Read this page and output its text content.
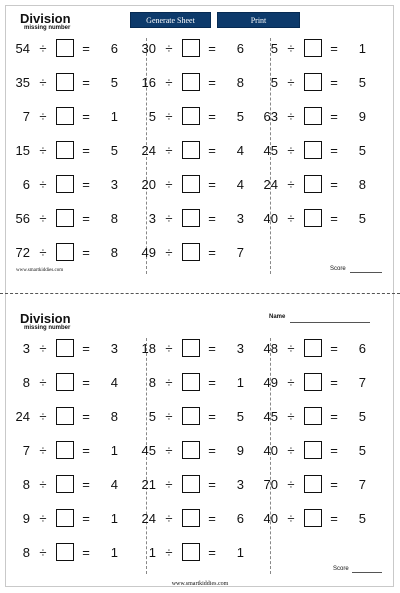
Division
missing number
Generate Sheet	Print
54 ÷	=	6
35 ÷	=	5
7 ÷	=	1
15 ÷	=	5
6 ÷	=	3
56 ÷	=	8
72 ÷	=	8
30 ÷	=	6
16 ÷	=	8
5 ÷	=	5
24 ÷	=	4
20 ÷	=	4
3 ÷	=	3
49 ÷	=	7
5 ÷	=	1
5 ÷	=	5
63 ÷	=	9
45 ÷	=	5
24 ÷	=	8
40 ÷	=	5
www.smartkiddies.com	Score
Division
missing number
Name
3 ÷	=	3
8 ÷	=	4
24 ÷	=	8
7 ÷	=	1
8 ÷	=	4
9 ÷	=	1
8 ÷	=	1
18 ÷	=	3
8 ÷	=	1
5 ÷	=	5
45 ÷	=	9
21 ÷	=	3
24 ÷	=	6
1 ÷	=	1
48 ÷	=	6
49 ÷	=	7
45 ÷	=	5
40 ÷	=	5
70 ÷	=	7
40 ÷	=	5
Score
www.smartkiddies.com
